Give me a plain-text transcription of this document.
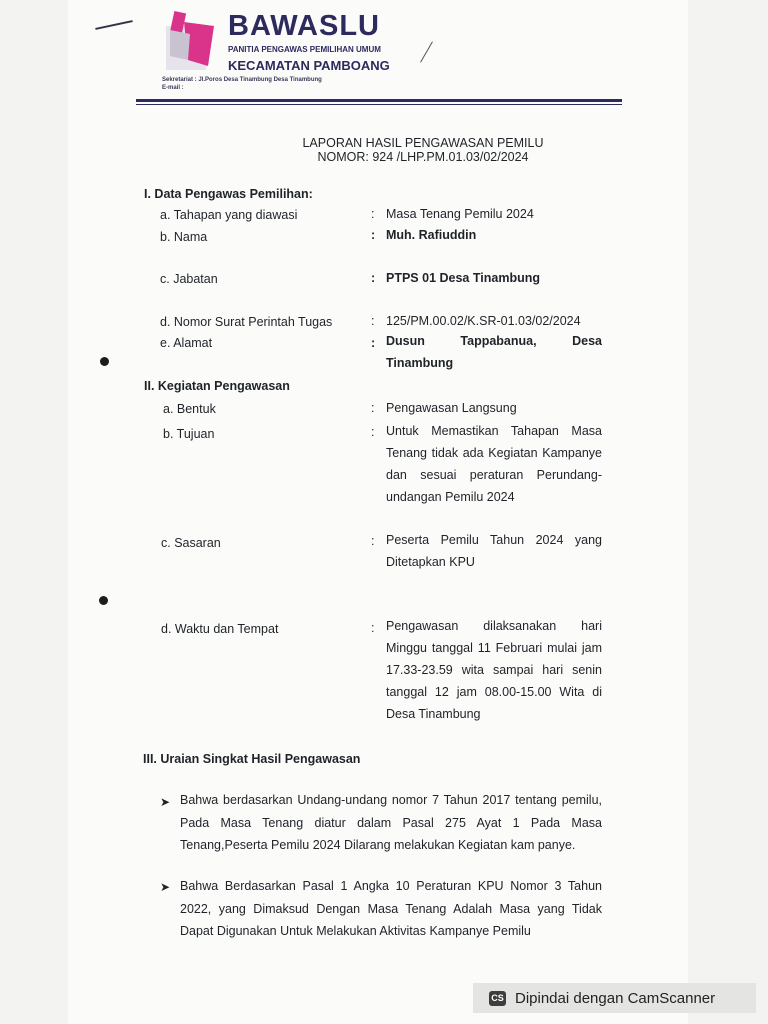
BAWASLU
PANITIA PENGAWAS PEMILIHAN UMUM
KECAMATAN PAMBOANG
Sekretariat : Jl.Poros Desa Tinambung Desa Tinambung
E-mail :
LAPORAN HASIL PENGAWASAN PEMILU
NOMOR: 924 /LHP.PM.01.03/02/2024
I. Data Pengawas Pemilihan:
a. Tahapan yang diawasi	: Masa Tenang Pemilu 2024
b. Nama	: Muh. Rafiuddin
c. Jabatan	: PTPS 01 Desa Tinambung
d. Nomor Surat Perintah Tugas	: 125/PM.00.02/K.SR-01.03/02/2024
e. Alamat	: Dusun Tappabanua, Desa Tinambung
II. Kegiatan Pengawasan
a. Bentuk	: Pengawasan Langsung
b. Tujuan	: Untuk Memastikan Tahapan Masa Tenang tidak ada Kegiatan Kampanye dan sesuai peraturan Perundang-undangan Pemilu 2024
c. Sasaran	: Peserta Pemilu Tahun 2024 yang Ditetapkan KPU
d. Waktu dan Tempat	: Pengawasan dilaksanakan hari Minggu tanggal 11 Februari mulai jam 17.33-23.59 wita sampai hari senin tanggal 12 jam 08.00-15.00 Wita di Desa Tinambung
III. Uraian Singkat Hasil Pengawasan
➤ Bahwa berdasarkan Undang-undang nomor 7 Tahun 2017 tentang pemilu, Pada Masa Tenang diatur dalam Pasal 275 Ayat 1 Pada Masa Tenang,Peserta Pemilu 2024 Dilarang melakukan Kegiatan kam panye.
➤ Bahwa Berdasarkan Pasal 1 Angka 10 Peraturan KPU Nomor 3 Tahun 2022, yang Dimaksud Dengan Masa Tenang Adalah Masa yang Tidak Dapat Digunakan Untuk Melakukan Aktivitas Kampanye Pemilu
CS Dipindai dengan CamScanner
